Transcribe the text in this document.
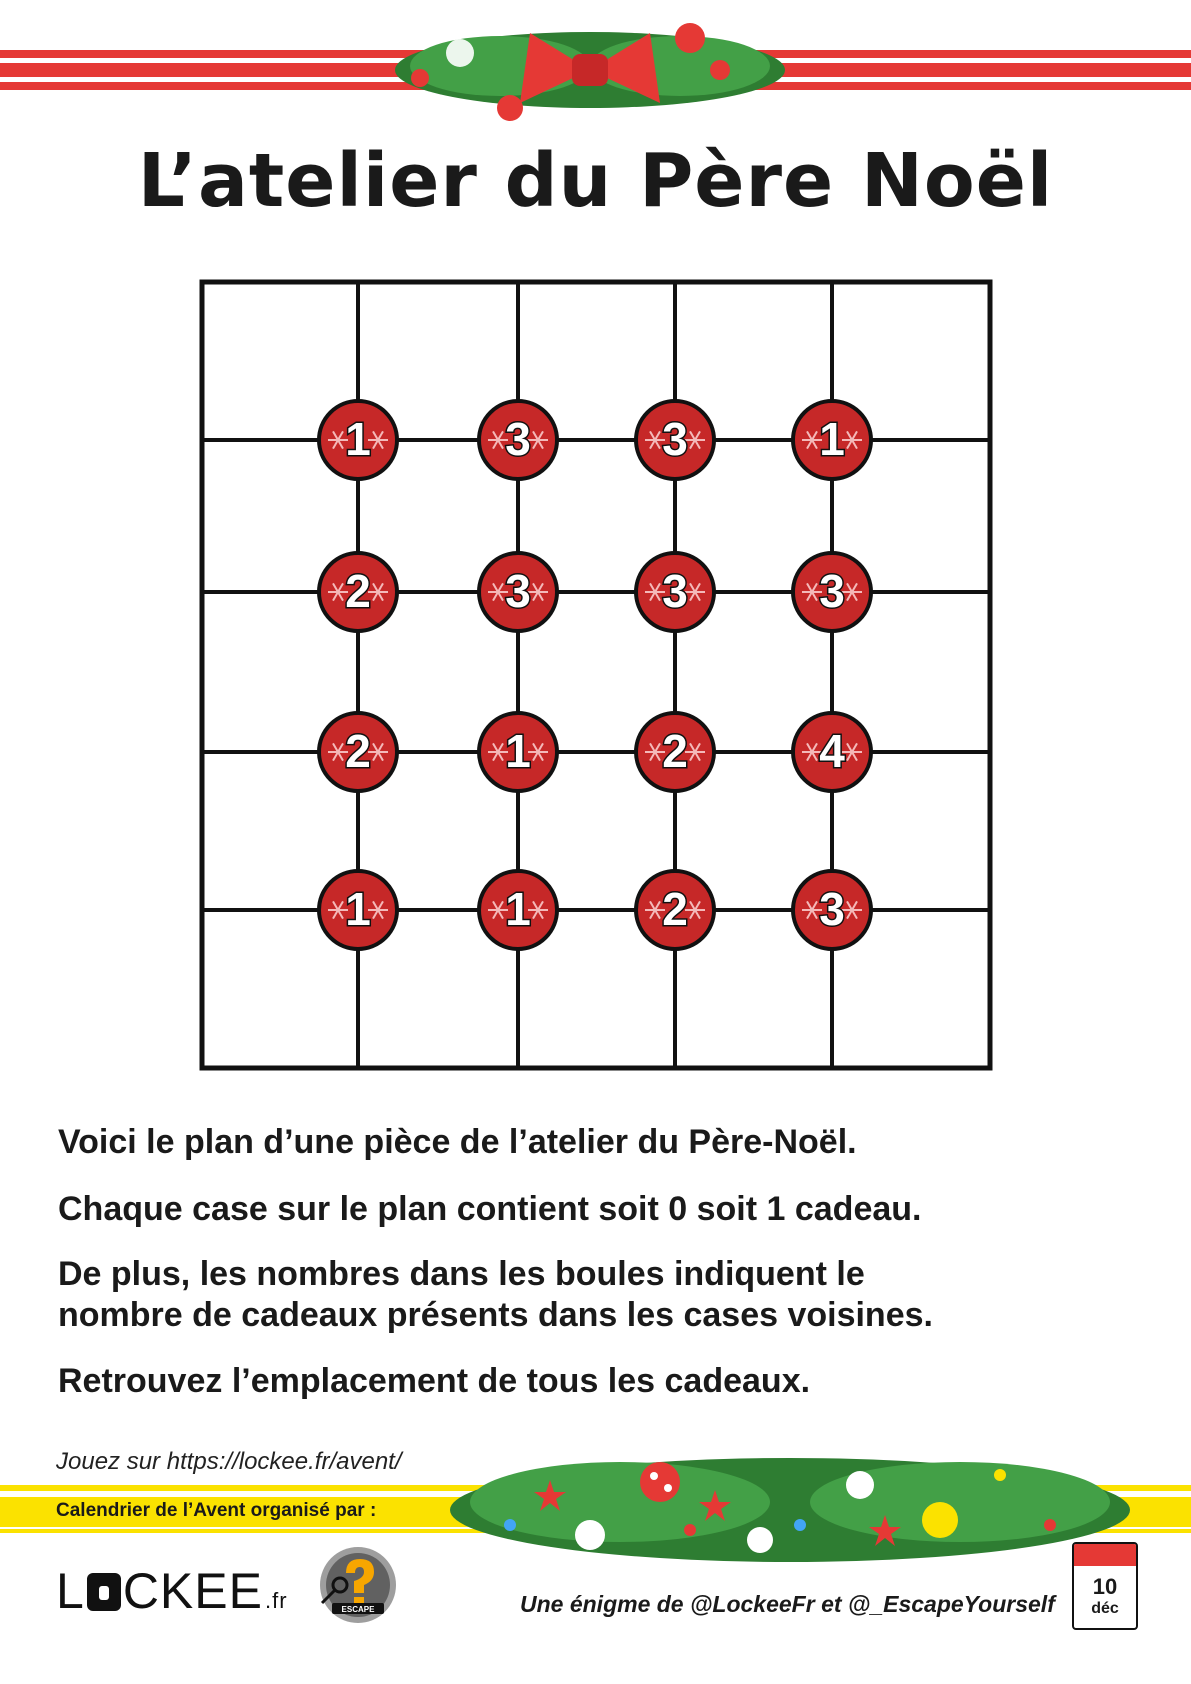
L’atelier du Père Noël
1	3	3	1
2	3	3	3
2	1	2	4
1	1	2	3
Voici le plan d’une pièce de l’atelier du Père-Noël.
Chaque case sur le plan contient soit 0 soit 1 cadeau.
De plus, les nombres dans les boules indiquent le
nombre de cadeaux présents dans les cases voisines.
Retrouvez l’emplacement de tous les cadeaux.
Jouez sur https://lockee.fr/avent/
Calendrier de l’Avent organisé par :
L CKEE.fr	ESCAPE	Une énigme de @LockeeFr et @_EscapeYourself
10
déc
